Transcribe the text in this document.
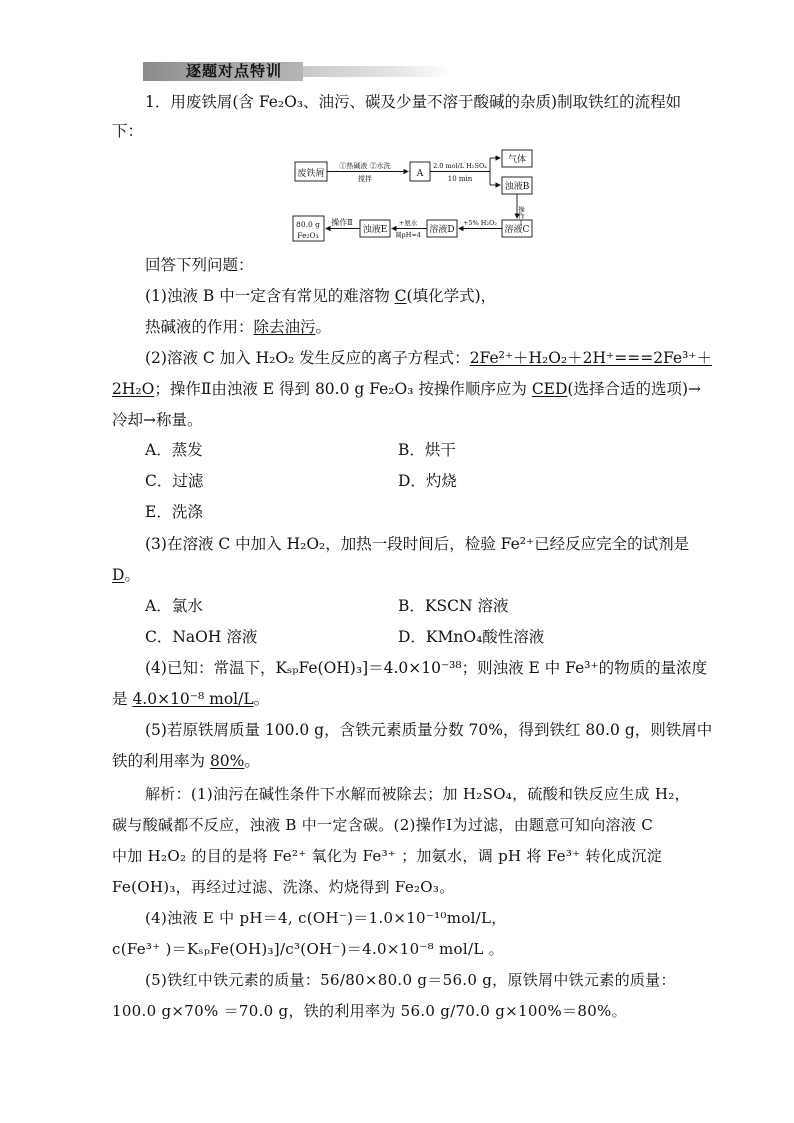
逐题对点特训
1．用废铁屑(含 Fe₂O₃、油污、碳及少量不溶于酸碱的杂质)制取铁红的流程如
下：
废铁屑
①热碱液 ②水洗
搅拌	A
2.0 mol/L H₂SO₄
10 min
气体
浊液B
操作Ⅰ
溶液C
+5% H₂O₂
溶液D
+氨水
调pH=4
浊液E
操作Ⅱ
80.0 g
Fe₂O₃
回答下列问题：
(1)浊液 B 中一定含有常见的难溶物 C(填化学式)，
热碱液的作用：除去油污。
(2)溶液 C 加入 H₂O₂ 发生反应的离子方程式：2Fe²⁺＋H₂O₂＋2H⁺===2Fe³⁺＋
2H₂O；操作Ⅱ由浊液 E 得到 80.0 g Fe₂O₃ 按操作顺序应为 CED(选择合适的选项)→
冷却→称量。
A．蒸发	B．烘干
C．过滤	D．灼烧
E．洗涤
(3)在溶液 C 中加入 H₂O₂，加热一段时间后，检验 Fe²⁺已经反应完全的试剂是
D。
A．氯水	B．KSCN 溶液
C．NaOH 溶液	D．KMnO₄酸性溶液
(4)已知：常温下，KₛₚFe(OH)₃]＝4.0×10⁻³⁸；则浊液 E 中 Fe³⁺的物质的量浓度
是 4.0×10⁻⁸ mol/L。
(5)若原铁屑质量 100.0 g，含铁元素质量分数 70%，得到铁红 80.0 g，则铁屑中
铁的利用率为 80%。
解析：(1)油污在碱性条件下水解而被除去；加 H₂SO₄，硫酸和铁反应生成 H₂，
碳与酸碱都不反应，浊液 B 中一定含碳。(2)操作Ⅰ为过滤，由题意可知向溶液 C
中加 H₂O₂ 的目的是将 Fe²⁺ 氧化为 Fe³⁺ ；加氨水，调 pH 将 Fe³⁺ 转化成沉淀
Fe(OH)₃，再经过过滤、洗涤、灼烧得到 Fe₂O₃。
(4)浊液 E 中 pH＝4, c(OH⁻)＝1.0×10⁻¹⁰mol/L，
c(Fe³⁺ )＝KₛₚFe(OH)₃]/c³(OH⁻)＝4.0×10⁻⁸ mol/L 。
(5)铁红中铁元素的质量：56/80×80.0 g＝56.0 g，原铁屑中铁元素的质量：
100.0 g×70% ＝70.0 g，铁的利用率为 56.0 g/70.0 g×100%＝80%。
